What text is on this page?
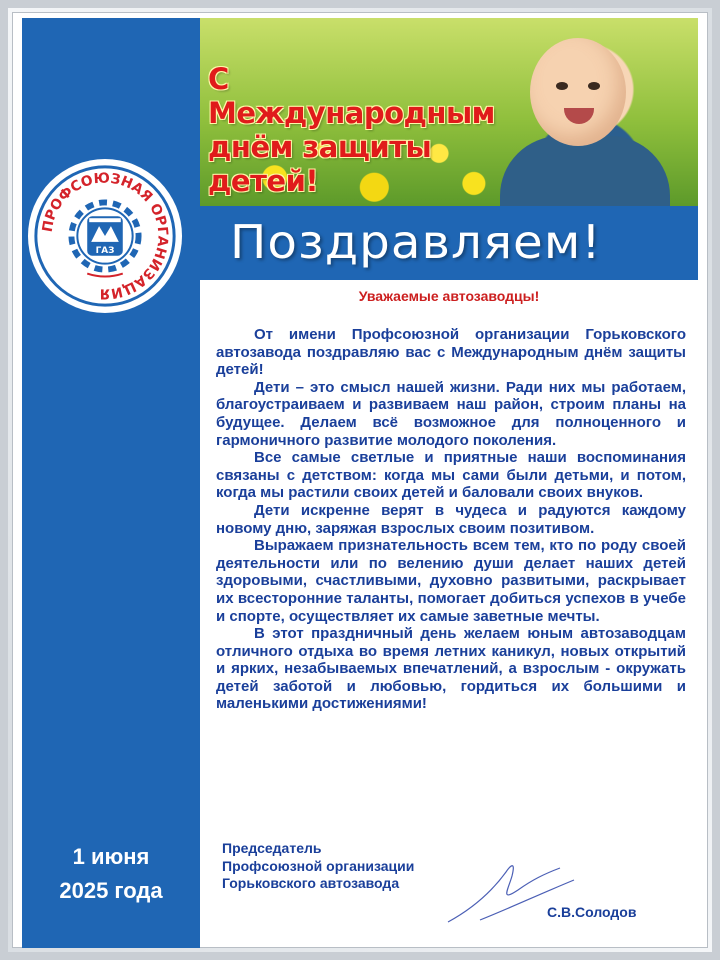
С Международным
днём защиты
детей!
Поздравляем!
ПРОФСОЮЗНАЯ ОРГАНИЗАЦИЯ
ГАЗ
Уважаемые автозаводцы!

От имени Профсоюзной организации Горьковского автозавода поздравляю вас с Международным днём защиты детей!

Дети – это смысл нашей жизни. Ради них мы работаем, благоустраиваем и развиваем наш район, строим планы на будущее. Делаем всё возможное для полноценного и гармоничного развитие молодого поколения.

Все самые светлые и приятные наши воспоминания связаны с детством: когда мы сами были детьми, и потом, когда мы растили своих детей и баловали своих внуков.

Дети искренне верят в чудеса и радуются каждому новому дню, заряжая взрослых своим позитивом.

Выражаем признательность всем тем, кто по роду своей деятельности или по велению души делает наших детей здоровыми, счастливыми, духовно развитыми, раскрывает их всесторонние таланты, помогает добиться успехов в учебе и спорте, осуществляет их самые заветные мечты.

В этот праздничный день желаем юным автозаводцам отличного отдыха во время летних каникул, новых открытий и ярких, незабываемых впечатлений, а взрослым - окружать детей заботой и любовью, гордиться их большими и маленькими достижениями!

1 июня
2025 года
Председатель
Профсоюзной организации
Горьковского автозавода
С.В.Солодов
